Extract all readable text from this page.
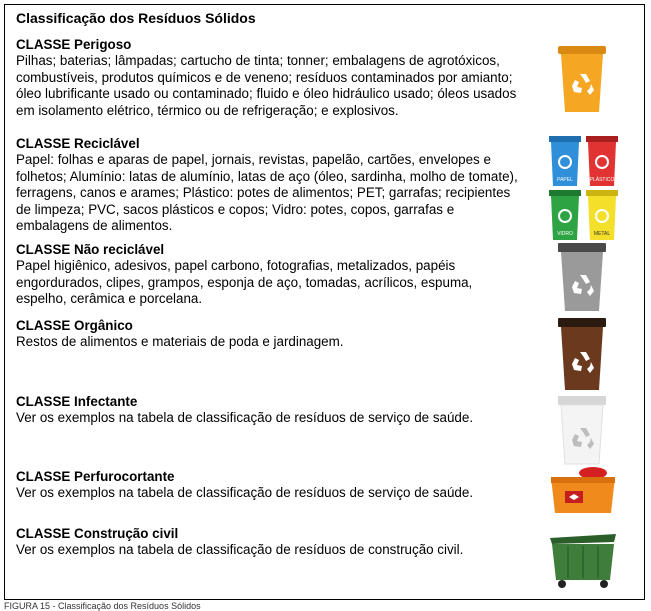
Classificação dos Resíduos Sólidos
CLASSE Perigoso
Pilhas; baterias; lâmpadas; cartucho de tinta; tonner; embalagens de agrotóxicos, combustíveis, produtos químicos e de veneno; resíduos contaminados por amianto; óleo lubrificante usado ou contaminado; fluido e óleo hidráulico usado; óleos usados em isolamento elétrico, térmico ou de refrigeração; e explosivos.
CLASSE Reciclável
Papel: folhas e aparas de papel, jornais, revistas, papelão, cartões, envelopes e folhetos; Alumínio: latas de alumínio, latas de aço (óleo, sardinha, molho de tomate), ferragens, canos e arames; Plástico: potes de alimentos; PET; garrafas; recipientes de limpeza; PVC, sacos plásticos e copos; Vidro: potes, copos, garrafas e embalagens de alimentos.
CLASSE Não reciclável
Papel higiênico, adesivos, papel carbono, fotografias, metalizados, papéis engordurados, clipes, grampos, esponja de aço, tomadas, acrílicos, espuma, espelho, cerâmica e porcelana.
CLASSE Orgânico
Restos de alimentos e materiais de poda e jardinagem.
CLASSE Infectante
Ver os exemplos na tabela de classificação de resíduos de serviço de saúde.
CLASSE Perfurocortante
Ver os exemplos na tabela de classificação de resíduos de serviço de saúde.
CLASSE Construção civil
Ver os exemplos na tabela de classificação de resíduos de construção civil.
PAPEL	PLÁSTICO
VIDRO	METAL
FIGURA 15 - Classificação dos Resíduos Sólidos
